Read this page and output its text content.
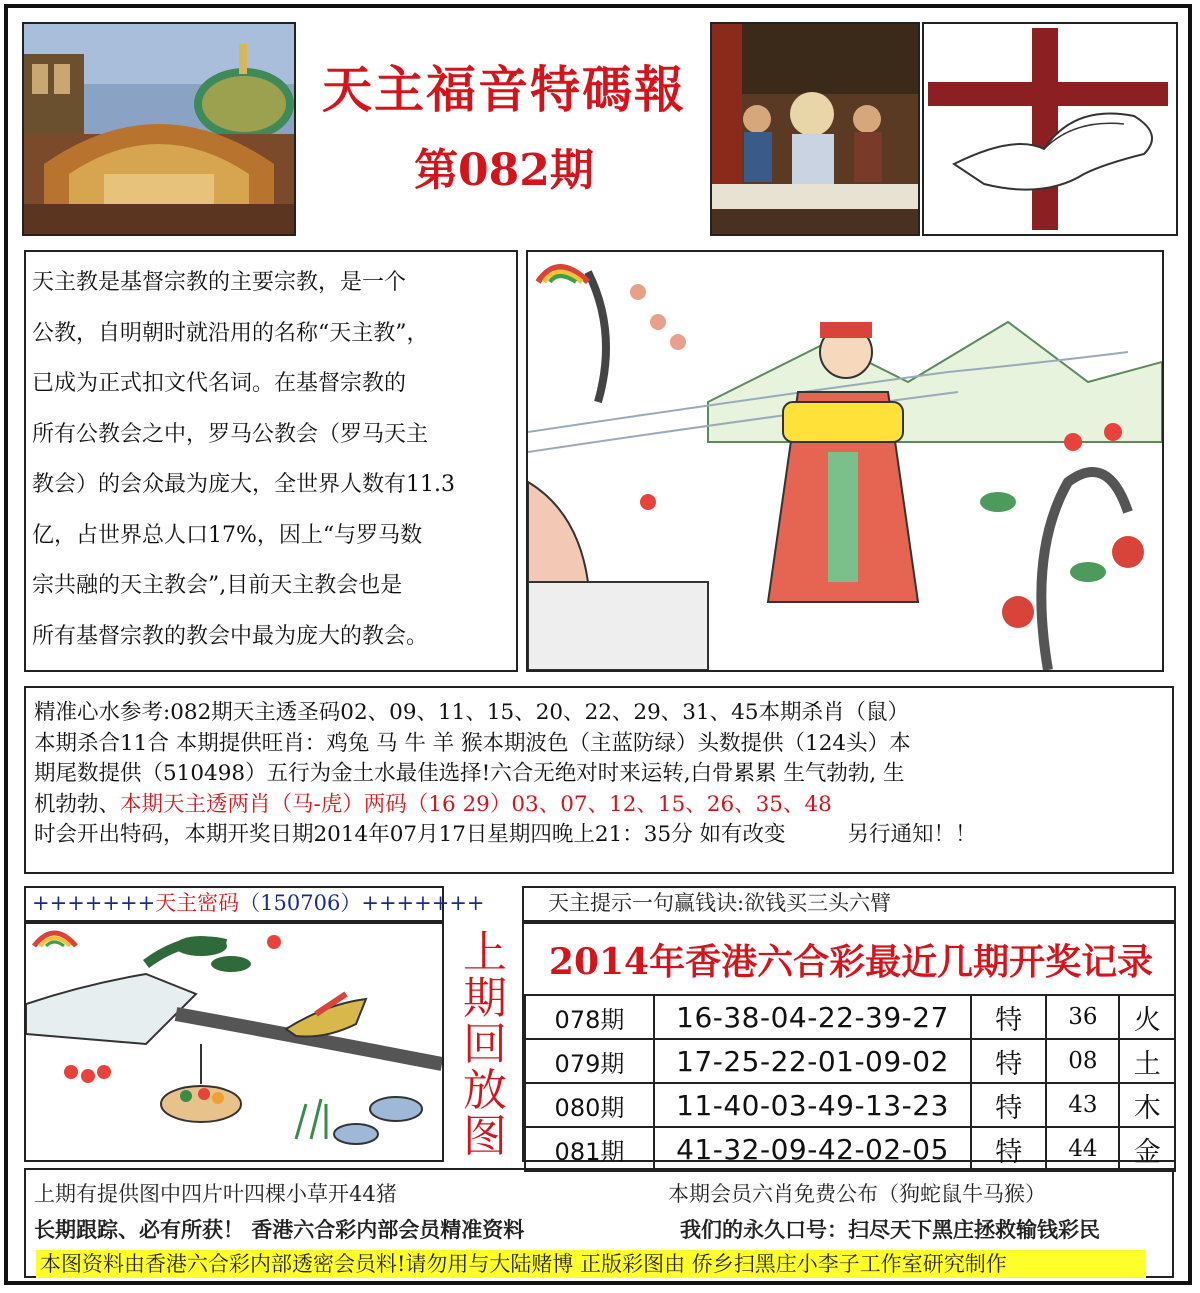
天主福音特碼報
第082期

天主教是基督宗教的主要宗教，是一个

公教，自明朝时就沿用的名称“天主教”，

已成为正式扣文代名词。在基督宗教的

所有公教会之中，罗马公教会（罗马天主

教会）的会众最为庞大，全世界人数有11.3

亿，占世界总人口17%，因上“与罗马数

宗共融的天主教会”,目前天主教会也是

所有基督宗教的教会中最为庞大的教会。

精准心水参考:082期天主透圣码02、09、11、15、20、22、29、31、45本期杀肖（鼠）
本期杀合11合 本期提供旺肖：鸡兔 马 牛 羊 猴本期波色（主蓝防绿）头数提供（124头）本
期尾数提供（510498）五行为金土水最佳选择!六合无绝对时来运转,白骨累累 生气勃勃, 生
机勃勃、本期天主透两肖（马-虎）两码（16 29）03、07、12、15、26、35、48
时会开出特码，本期开奖日期2014年07月17日星期四晚上21：35分 如有改变	另行通知！！
+++++++天主密码（150706）+++++++	天主提示一句赢钱诀:欲钱买三头六臂
上
期
回
放
图
2014年香港六合彩最近几期开奖记录
078期	16-38-04-22-39-27	特	36	火
079期	17-25-22-01-09-02	特	08	土
080期	11-40-03-49-13-23	特	43	木
081期	41-32-09-42-02-05	特	44	金
上期有提供图中四片叶四棵小草开44猪	本期会员六肖免费公布（狗蛇鼠牛马猴）
长期跟踪、必有所获！ 香港六合彩内部会员精准资料	我们的永久口号：扫尽天下黑庄拯救输钱彩民
本图资料由香港六合彩内部透密会员料!请勿用与大陆赌博 正版彩图由 侨乡扫黑庄小李子工作室研究制作
